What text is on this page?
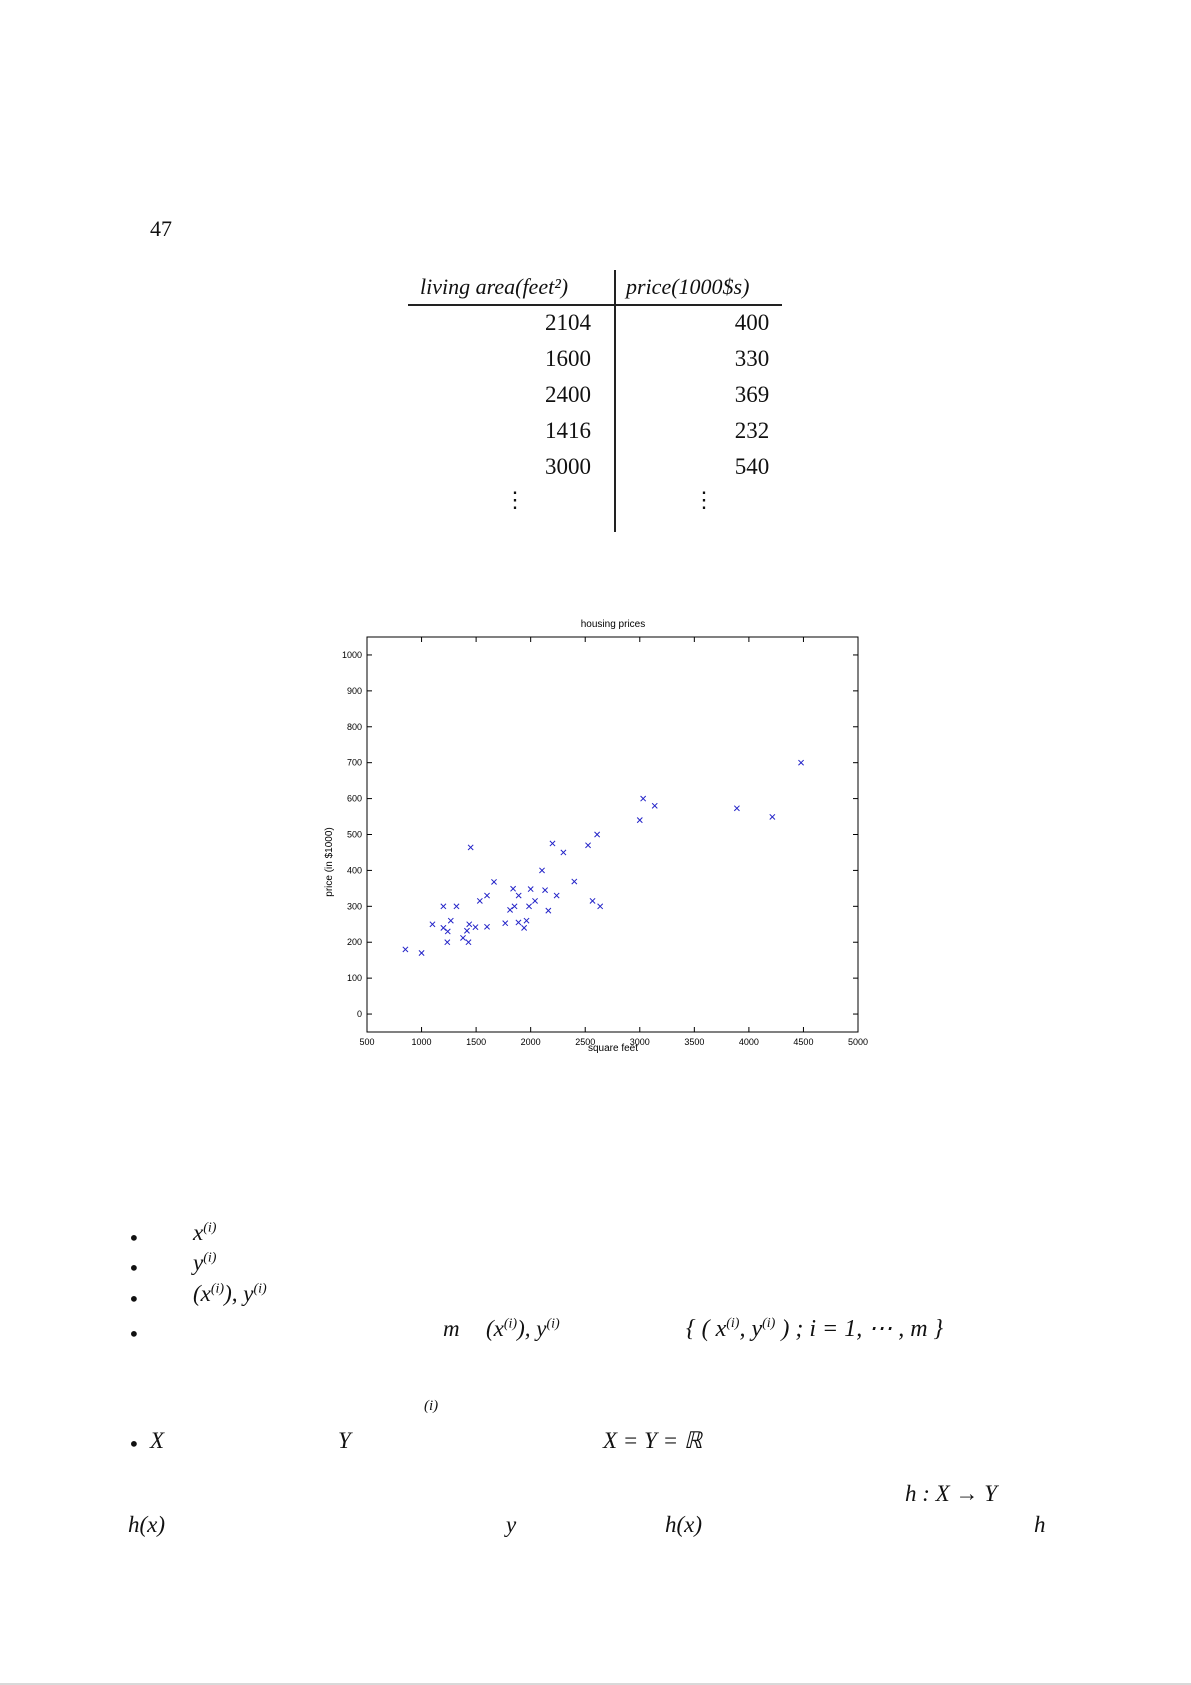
47
living area(feet²)	price(1000$s)
2104	400
1600	330
2400	369
1416	232
3000	540
⋮	⋮
housing prices
square feet
price (in $1000)
500	1000	1500	2000	2500	3000	3500	4000	4500	5000
0
100
200
300
400
500
600
700
800
900
1000
• $x^{(i)}$
• $y^{(i)}$
• $(x^{(i)})$, $y^{(i)}$
•	m $(x^{(i)})$, $y^{(i)}$	{ ( $x^{(i)}$, $y^{(i)}$ ) ; i = 1, ⋯ , m }
(i)
• X	Y	X = Y = ℝ
h : X → Y
h(x)	y	h(x)	h
